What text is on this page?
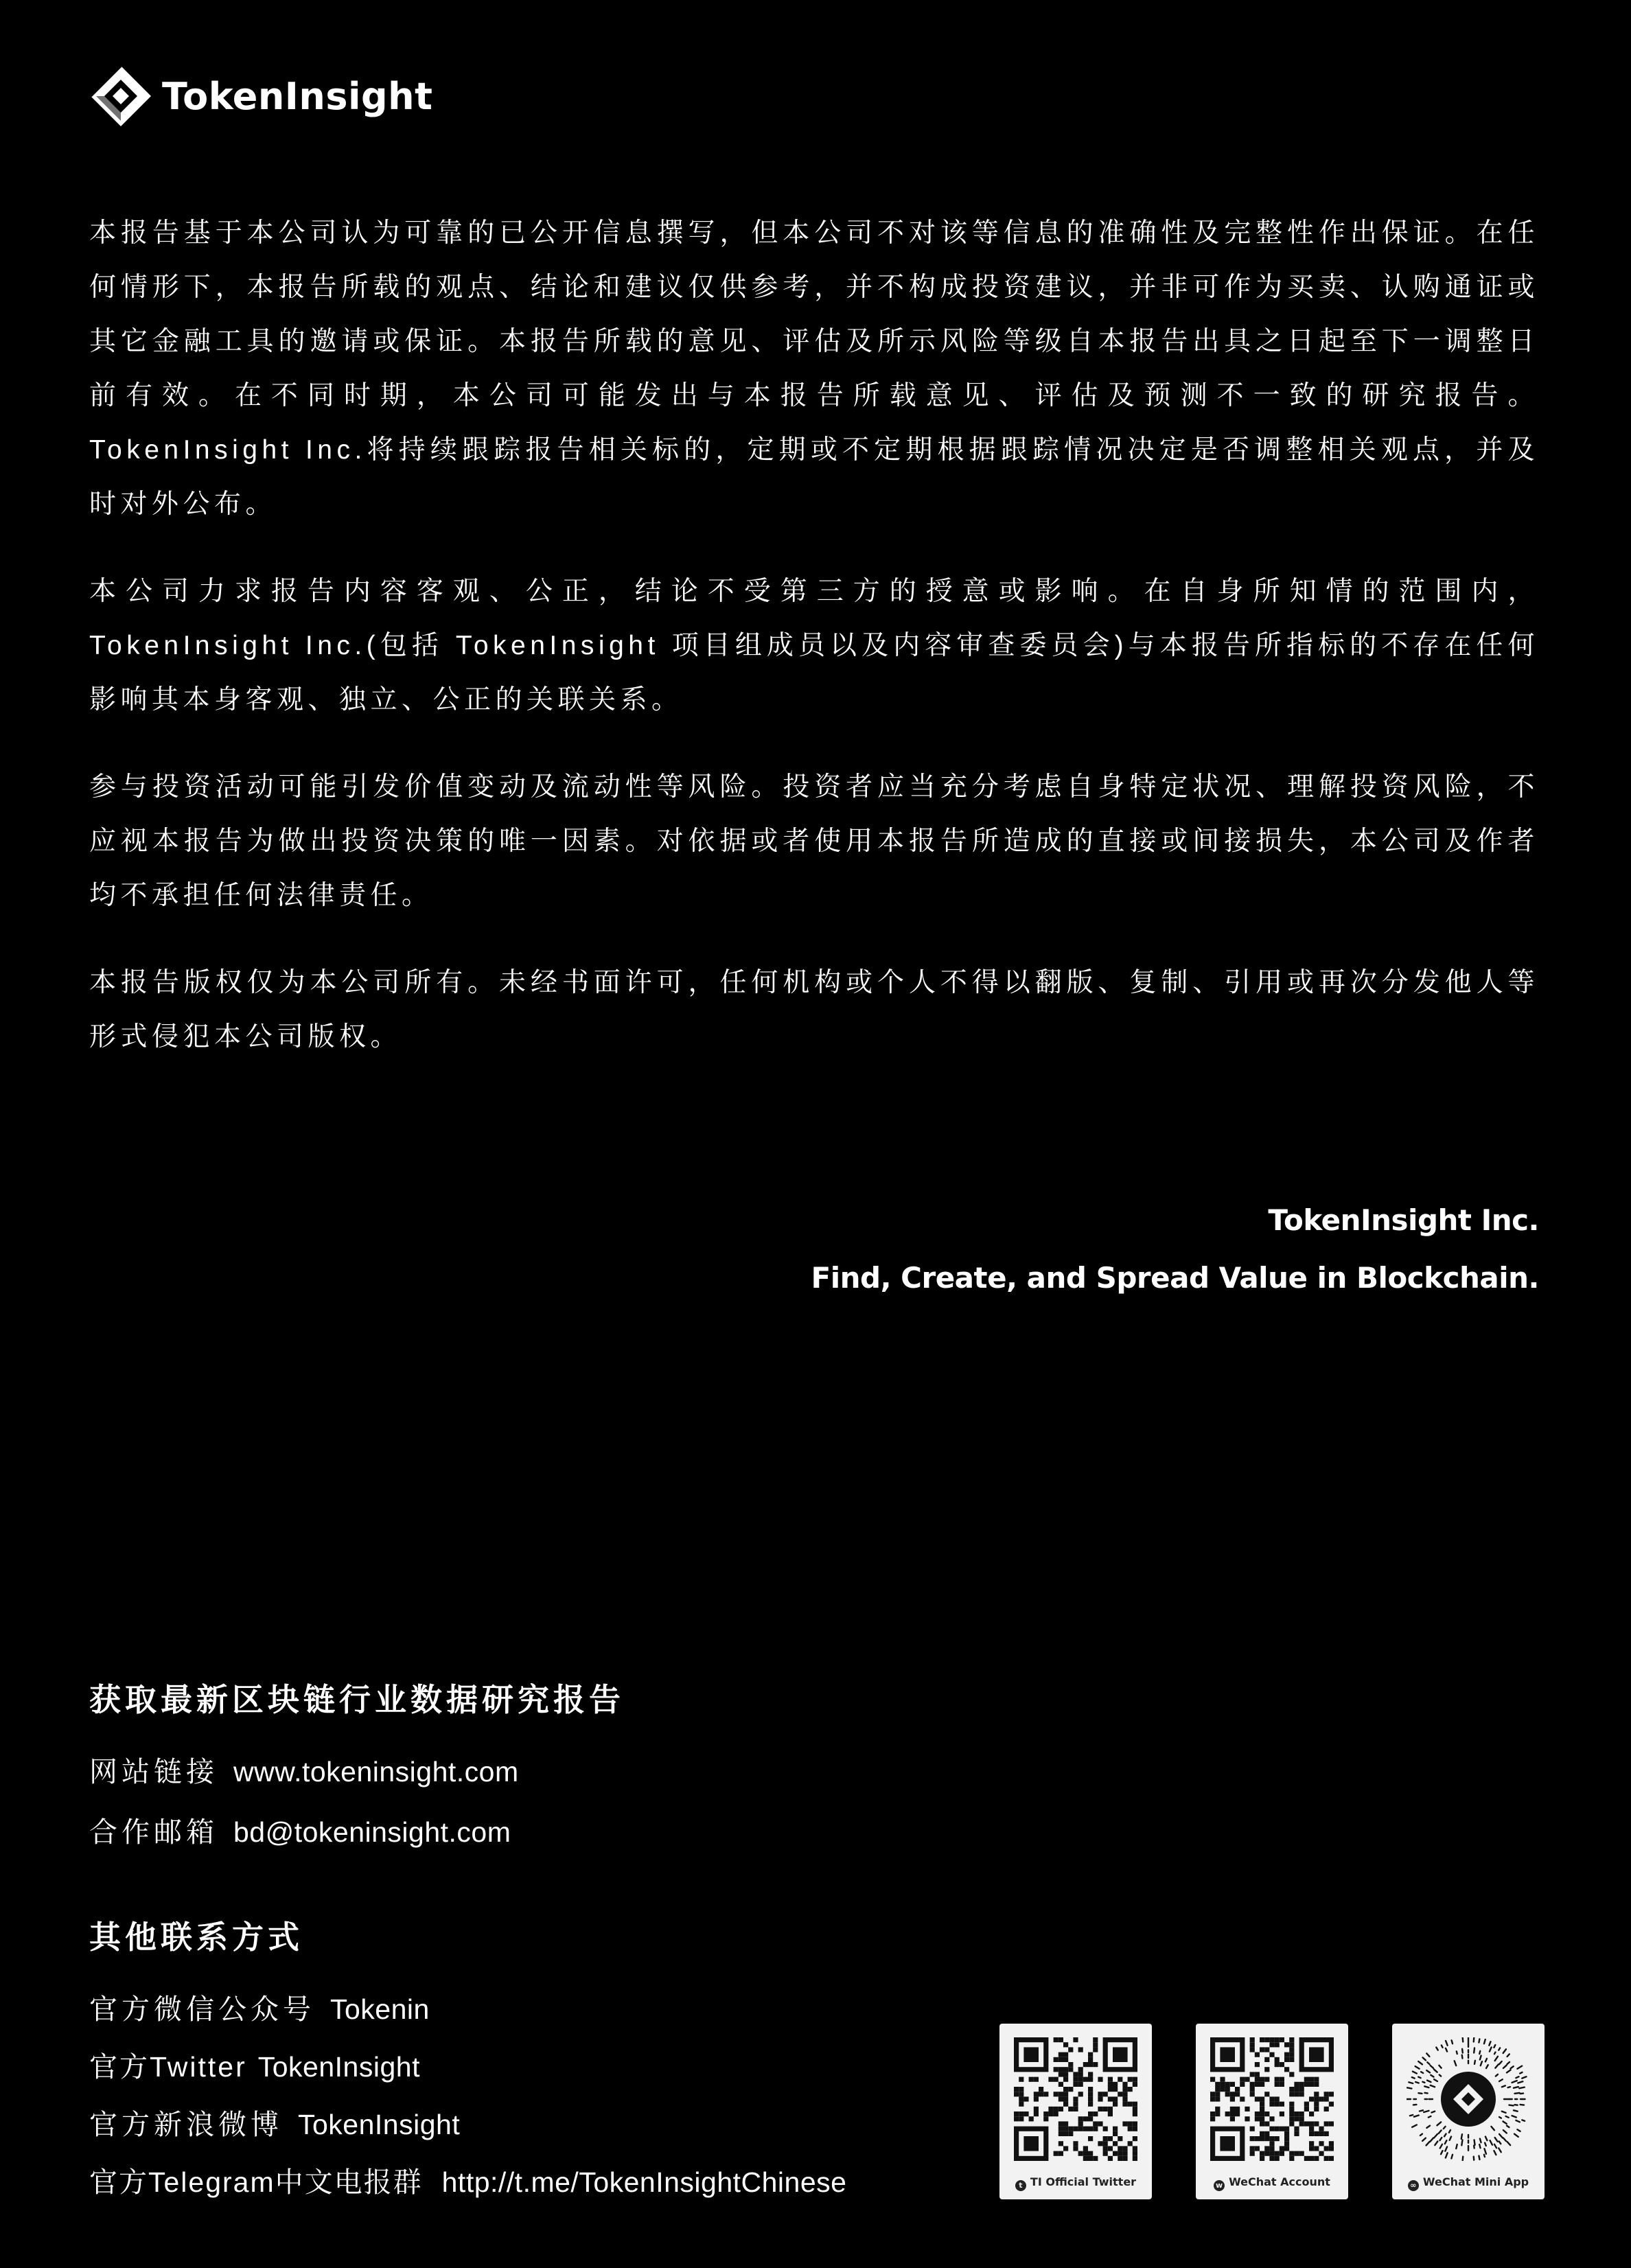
TokenInsight

本报告基于本公司认为可靠的已公开信息撰写，但本公司不对该等信息的准确性及完整性作出保证。在任何情形下，本报告所载的观点、结论和建议仅供参考，并不构成投资建议，并非可作为买卖、认购通证或其它金融工具的邀请或保证。本报告所载的意见、评估及所示风险等级自本报告出具之日起至下一调整日前有效。在不同时期，本公司可能发出与本报告所载意见、评估及预测不一致的研究报告。TokenInsight Inc.将持续跟踪报告相关标的，定期或不定期根据跟踪情况决定是否调整相关观点，并及时对外公布。

本公司力求报告内容客观、公正，结论不受第三方的授意或影响。在自身所知情的范围内，TokenInsight Inc.(包括 TokenInsight 项目组成员以及内容审查委员会)与本报告所指标的不存在任何影响其本身客观、独立、公正的关联关系。

参与投资活动可能引发价值变动及流动性等风险。投资者应当充分考虑自身特定状况、理解投资风险，不应视本报告为做出投资决策的唯一因素。对依据或者使用本报告所造成的直接或间接损失，本公司及作者均不承担任何法律责任。

本报告版权仅为本公司所有。未经书面许可，任何机构或个人不得以翻版、复制、引用或再次分发他人等形式侵犯本公司版权。

TokenInsight Inc.
Find, Create, and Spread Value in Blockchain.
获取最新区块链行业数据研究报告
网站链接 www.tokeninsight.com
合作邮箱 bd@tokeninsight.com
其他联系方式
官方微信公众号 Tokenin
官方Twitter TokenInsight
官方新浪微博 TokenInsight
官方Telegram中文电报群 http://t.me/TokenInsightChinese	t TI Official Twitter	w WeChat Account	∞ WeChat Mini App
